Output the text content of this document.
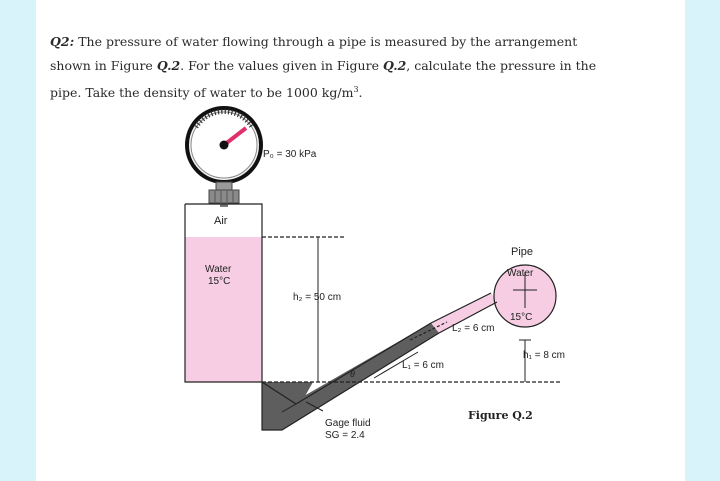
Q2: The pressure of water flowing through a pipe is measured by the arrangement shown in Figure Q.2. For the values given in Figure Q.2, calculate the pressure in the pipe. Take the density of water to be 1000 $kg/m^3$.
P₀ = 30 kPa
h₂ = 50 cm
Air
Water
15°C
Pipe
Water
15°C
L₂ = 6 cm
h₁ = 8 cm
L₁ = 6 cm
θ
Gage fluid
SG = 2.4
Figure Q.2
